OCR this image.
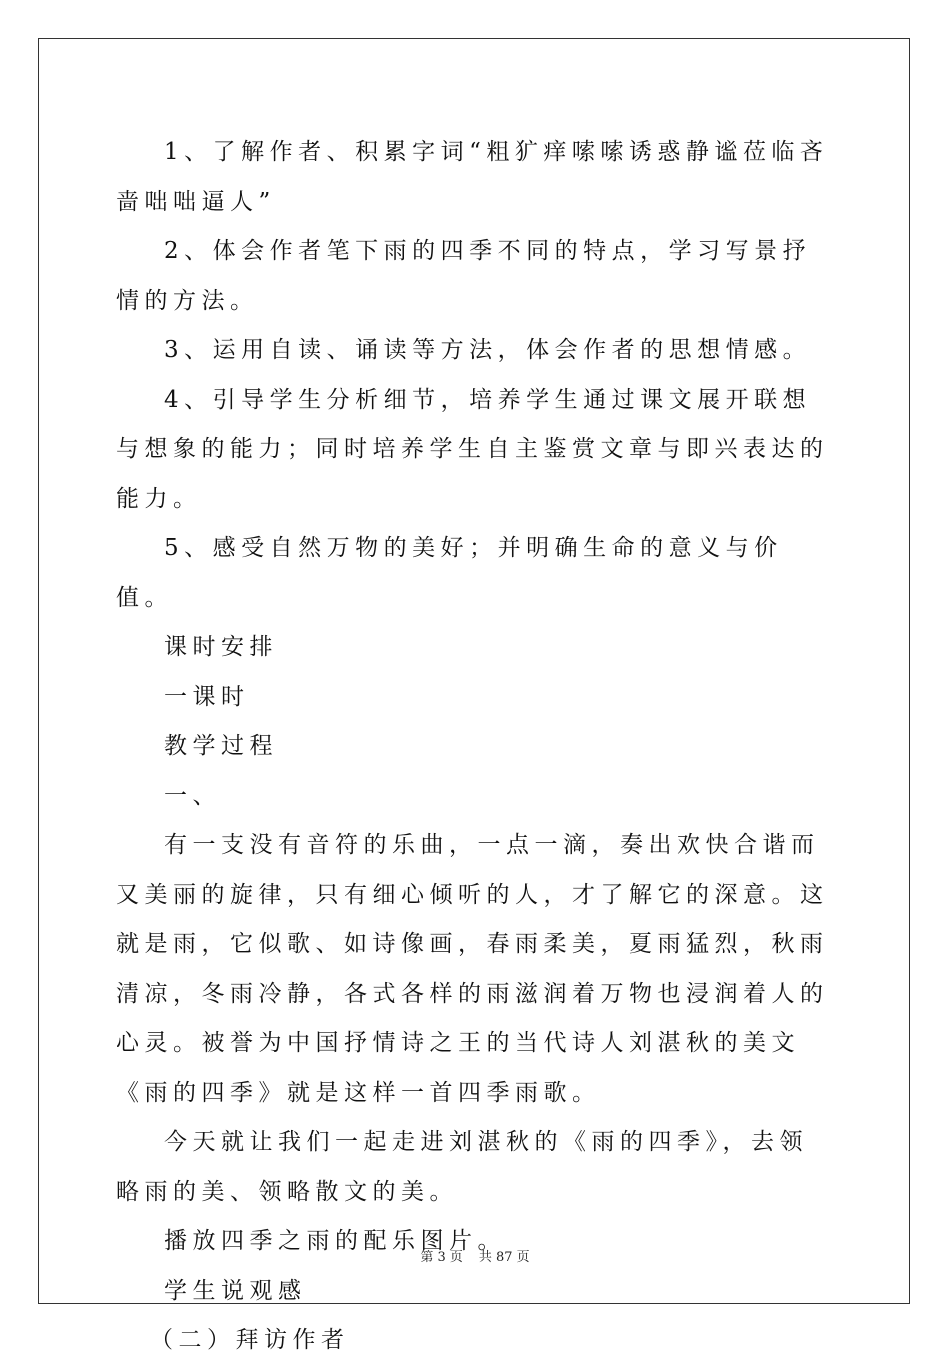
1、了解作者、积累字词“粗犷痒嗦嗦诱惑静谧莅临吝啬咄咄逼人”

2、体会作者笔下雨的四季不同的特点，学习写景抒情的方法。

3、运用自读、诵读等方法，体会作者的思想情感。

4、引导学生分析细节，培养学生通过课文展开联想与想象的能力；同时培养学生自主鉴赏文章与即兴表达的能力。

5、感受自然万物的美好；并明确生命的意义与价值。

课时安排

一课时

教学过程

一、

有一支没有音符的乐曲，一点一滴，奏出欢快合谐而又美丽的旋律，只有细心倾听的人，才了解它的深意。这就是雨，它似歌、如诗像画，春雨柔美，夏雨猛烈，秋雨清凉，冬雨冷静，各式各样的雨滋润着万物也浸润着人的心灵。被誉为中国抒情诗之王的当代诗人刘湛秋的美文《雨的四季》就是这样一首四季雨歌。

今天就让我们一起走进刘湛秋的《雨的四季》，去领略雨的美、领略散文的美。

播放四季之雨的配乐图片。

学生说观感

（二）拜访作者

第 3 页 共 87 页
